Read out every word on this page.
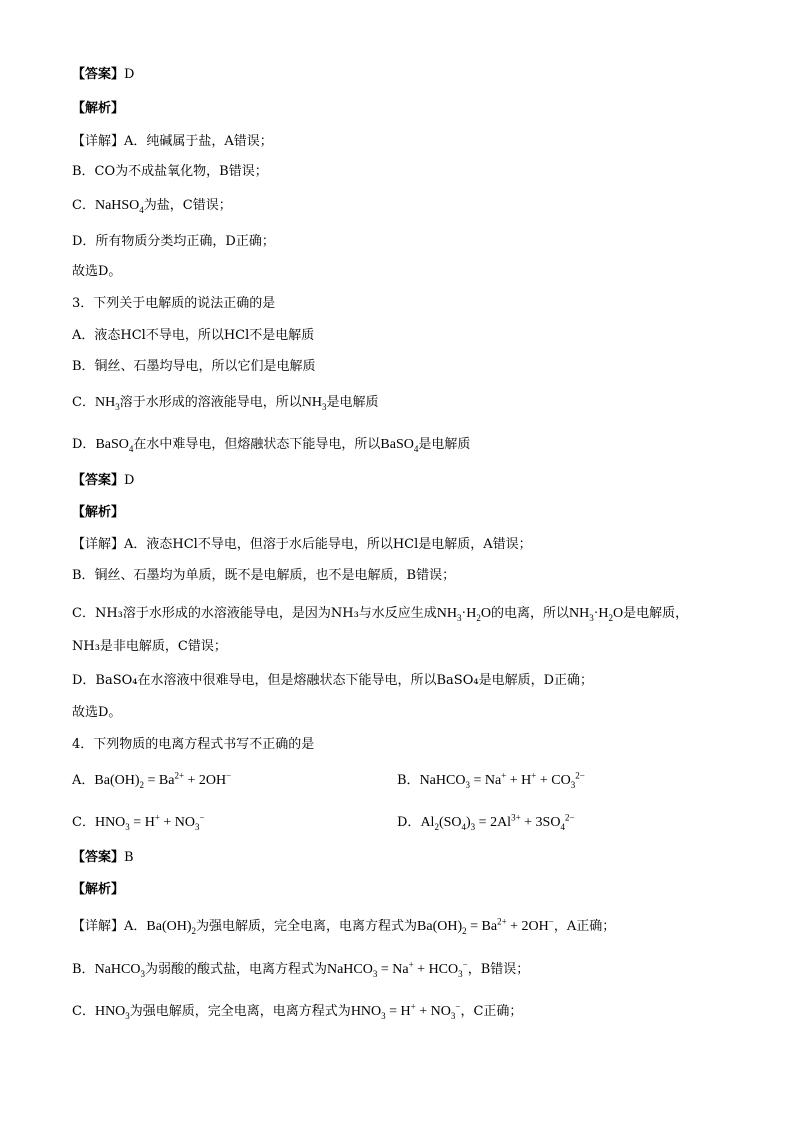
【答案】D
【解析】
【详解】A．纯碱属于盐，A错误；
B．CO为不成盐氧化物，B错误；
C．NaHSO$_4$为盐，C错误；
D．所有物质分类均正确，D正确；
故选D。
3．下列关于电解质的说法正确的是
A．液态HCl不导电，所以HCl不是电解质
B．铜丝、石墨均导电，所以它们是电解质
C．$NH_3$溶于水形成的溶液能导电，所以$NH_3$是电解质
D．BaSO$_4$在水中难导电，但熔融状态下能导电，所以BaSO$_4$是电解质
【答案】D
【解析】
【详解】A．液态HCl不导电，但溶于水后能导电，所以HCl是电解质，A错误；
B．铜丝、石墨均为单质，既不是电解质，也不是电解质，B错误；
C．NH₃溶于水形成的水溶液能导电，是因为NH₃与水反应生成$NH_3\cdot H_2O$的电离，所以$NH_3\cdot H_2O$是电解质，
NH₃是非电解质，C错误；
D．BaSO₄在水溶液中很难导电，但是熔融状态下能导电，所以BaSO₄是电解质，D正确；
故选D。
4．下列物质的电离方程式书写不正确的是
A．$Ba(OH)_2 = Ba^{2+} + 2OH^-$	B．NaHCO$_3$ = $Na^+ + H^+ + CO_3^{2-}$
C．$HNO_3 = H^+ + NO_3^-$	D．$Al_2(SO_4)_3 = 2Al^{3+} + 3SO_4^{2-}$
【答案】B
【解析】
【详解】A．$Ba(OH)_2$为强电解质，完全电离，电离方程式为$Ba(OH)_2 = Ba^{2+} + 2OH^-$，A正确；
B．NaHCO$_3$为弱酸的酸式盐，电离方程式为NaHCO$_3$ = $Na^+ + HCO_3^-$，B错误；
C．$HNO_3$为强电解质，完全电离，电离方程式为$HNO_3 = H^+ + NO_3^-$，C正确；
